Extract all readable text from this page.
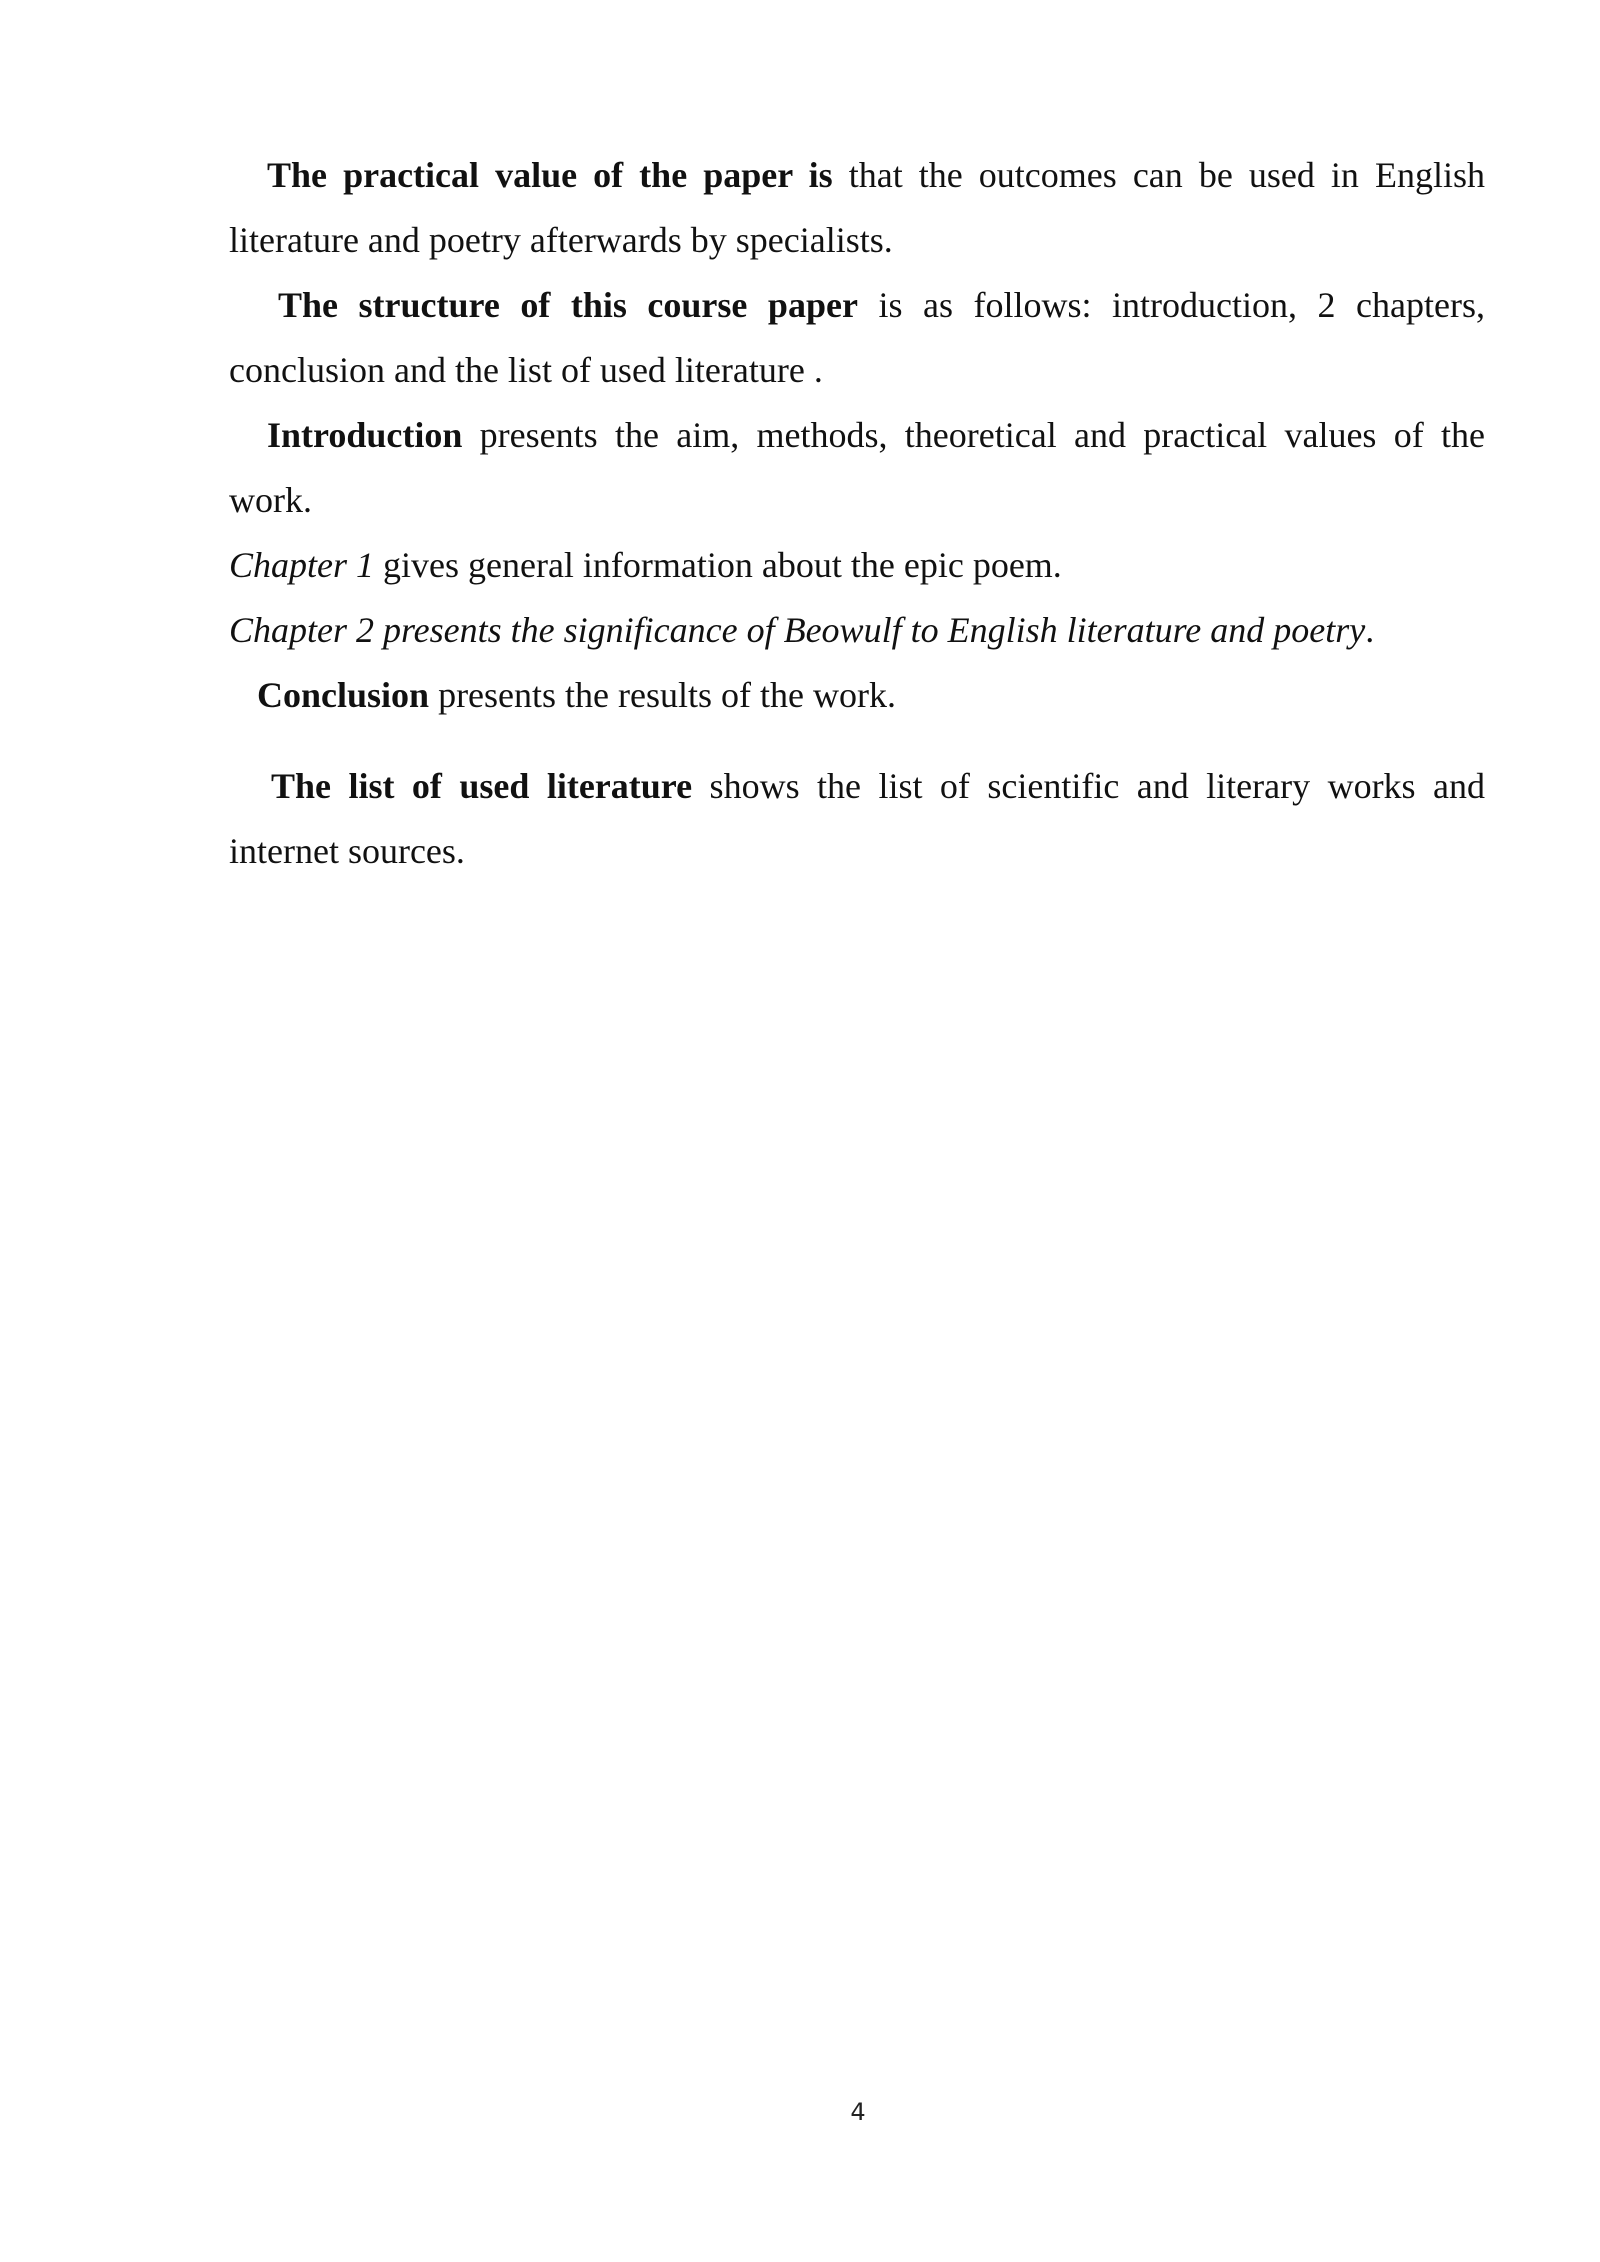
The practical value of the paper is that the outcomes can be used in English literature and poetry afterwards by specialists.

The structure of this course paper is as follows: introduction, 2 chapters, conclusion and the list of used literature .

Introduction presents the aim, methods, theoretical and practical values of the work.

Chapter 1 gives general information about the epic poem.

Chapter 2 presents the significance of Beowulf to English literature and poetry.

Conclusion presents the results of the work.

The list of used literature shows the list of scientific and literary works and internet sources.

4
